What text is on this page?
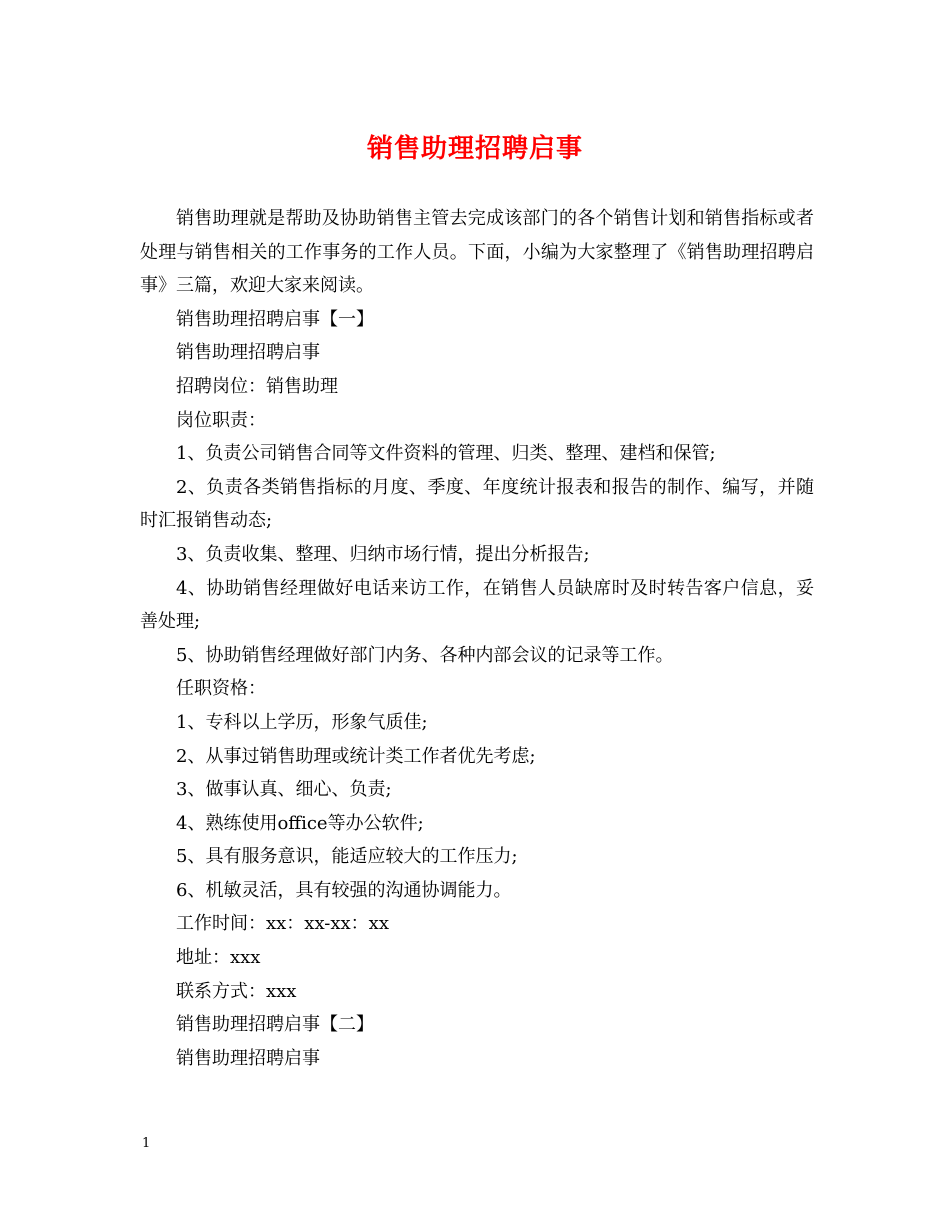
销售助理招聘启事

销售助理就是帮助及协助销售主管去完成该部门的各个销售计划和销售指标或者处理与销售相关的工作事务的工作人员。下面，小编为大家整理了《销售助理招聘启事》三篇，欢迎大家来阅读。

销售助理招聘启事【一】

销售助理招聘启事

招聘岗位：销售助理

岗位职责：

1、负责公司销售合同等文件资料的管理、归类、整理、建档和保管;

2、负责各类销售指标的月度、季度、年度统计报表和报告的制作、编写，并随时汇报销售动态;

3、负责收集、整理、归纳市场行情，提出分析报告;

4、协助销售经理做好电话来访工作，在销售人员缺席时及时转告客户信息，妥善处理;

5、协助销售经理做好部门内务、各种内部会议的记录等工作。

任职资格：

1、专科以上学历，形象气质佳;

2、从事过销售助理或统计类工作者优先考虑;

3、做事认真、细心、负责;

4、熟练使用office等办公软件;

5、具有服务意识，能适应较大的工作压力;

6、机敏灵活，具有较强的沟通协调能力。

工作时间：xx：xx-xx：xx

地址：xxx

联系方式：xxx

销售助理招聘启事【二】

销售助理招聘启事

1
